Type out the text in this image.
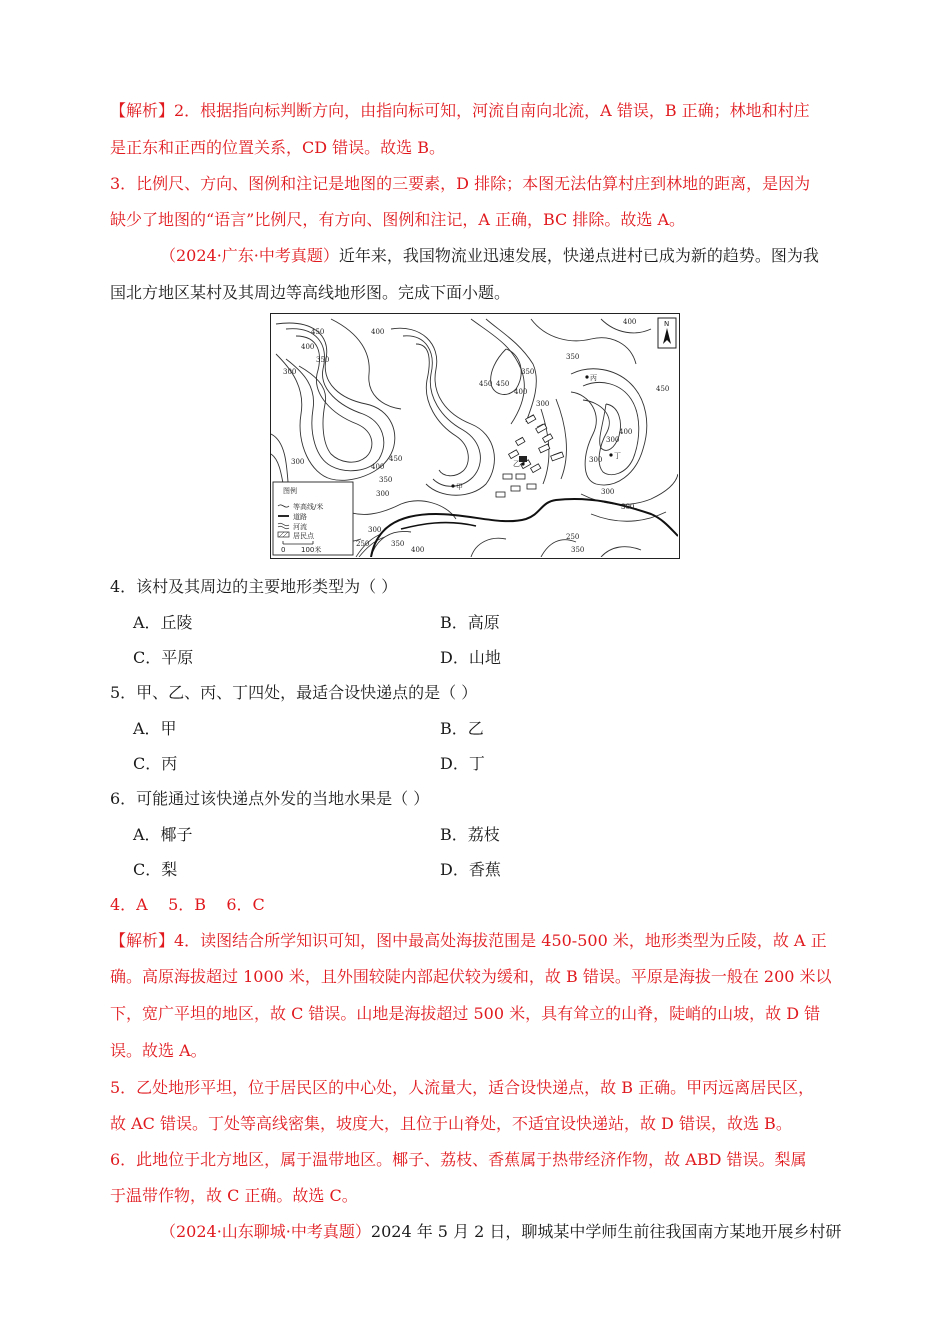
【解析】2．根据指向标判断方向，由指向标可知，河流自南向北流，A 错误，B 正确；林地和村庄
是正东和正西的位置关系，CD 错误。故选 B。
3．比例尺、方向、图例和注记是地图的三要素，D 排除；本图无法估算村庄到林地的距离，是因为
缺少了地图的“语言”比例尺，有方向、图例和注记，A 正确，BC 排除。故选 A。
（2024·广东·中考真题）近年来，我国物流业迅速发展，快递点进村已成为新的趋势。图为我
国北方地区某村及其周边等高线地形图。完成下面小题。
450
400
350
300
450
400
350
300
450
400
350
300
400
450
350
300
250
300
350
400	350
300
250
400
300
450
400
300
300
甲
乙
丙
丁
N
图例
等高线/米
道路
河流
居民点
0 100米
4．该村及其周边的主要地形类型为（ ）
A．丘陵	B．高原
C．平原	D．山地
5．甲、乙、丙、丁四处，最适合设快递点的是（ ）
A．甲	B．乙
C．丙	D．丁
6．可能通过该快递点外发的当地水果是（ ）
A．椰子	B．荔枝
C．梨	D．香蕉
4．A    5．B    6．C
【解析】4．读图结合所学知识可知，图中最高处海拔范围是 450-500 米，地形类型为丘陵，故 A 正
确。高原海拔超过 1000 米，且外围较陡内部起伏较为缓和，故 B 错误。平原是海拔一般在 200 米以
下，宽广平坦的地区，故 C 错误。山地是海拔超过 500 米，具有耸立的山脊，陡峭的山坡，故 D 错
误。故选 A。
5．乙处地形平坦，位于居民区的中心处，人流量大，适合设快递点，故 B 正确。甲丙远离居民区，
故 AC 错误。丁处等高线密集，坡度大，且位于山脊处，不适宜设快递站，故 D 错误，故选 B。
6．此地位于北方地区，属于温带地区。椰子、荔枝、香蕉属于热带经济作物，故 ABD 错误。梨属
于温带作物，故 C 正确。故选 C。
（2024·山东聊城·中考真题）2024 年 5 月 2 日，聊城某中学师生前往我国南方某地开展乡村研
